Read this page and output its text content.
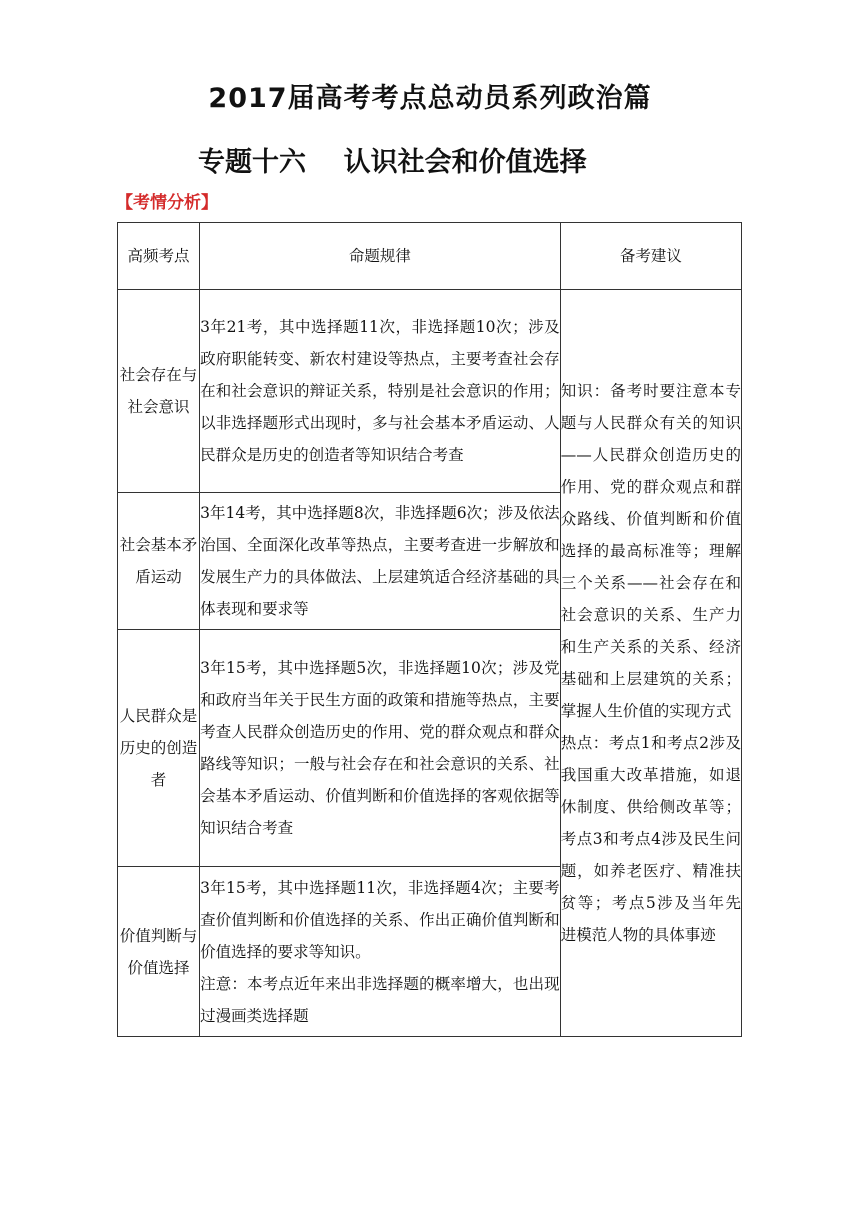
2017届高考考点总动员系列政治篇
专题十六    认识社会和价值选择
【考情分析】
高频考点	命题规律	备考建议
社会存在与社会意识	3年21考，其中选择题11次，非选择题10次；涉及政府职能转变、新农村建设等热点，主要考查社会存在和社会意识的辩证关系，特别是社会意识的作用；以非选择题形式出现时，多与社会基本矛盾运动、人民群众是历史的创造者等知识结合考查	知识：备考时要注意本专题与人民群众有关的知识——人民群众创造历史的作用、党的群众观点和群众路线、价值判断和价值选择的最高标准等；理解三个关系——社会存在和社会意识的关系、生产力和生产关系的关系、经济基础和上层建筑的关系；掌握人生价值的实现方式
热点：考点1和考点2涉及我国重大改革措施，如退休制度、供给侧改革等；考点3和考点4涉及民生问题，如养老医疗、精准扶贫等；考点5涉及当年先进模范人物的具体事迹

社会基本矛盾运动	3年14考，其中选择题8次，非选择题6次；涉及依法治国、全面深化改革等热点，主要考查进一步解放和发展生产力的具体做法、上层建筑适合经济基础的具体表现和要求等	
人民群众是历史的创造者	3年15考，其中选择题5次，非选择题10次；涉及党和政府当年关于民生方面的政策和措施等热点，主要考查人民群众创造历史的作用、党的群众观点和群众路线等知识；一般与社会存在和社会意识的关系、社会基本矛盾运动、价值判断和价值选择的客观依据等知识结合考查	
价值判断与价值选择	3年15考，其中选择题11次，非选择题4次；主要考查价值判断和价值选择的关系、作出正确价值判断和价值选择的要求等知识。
注意：本考点近年来出非选择题的概率增大，也出现过漫画类选择题	
